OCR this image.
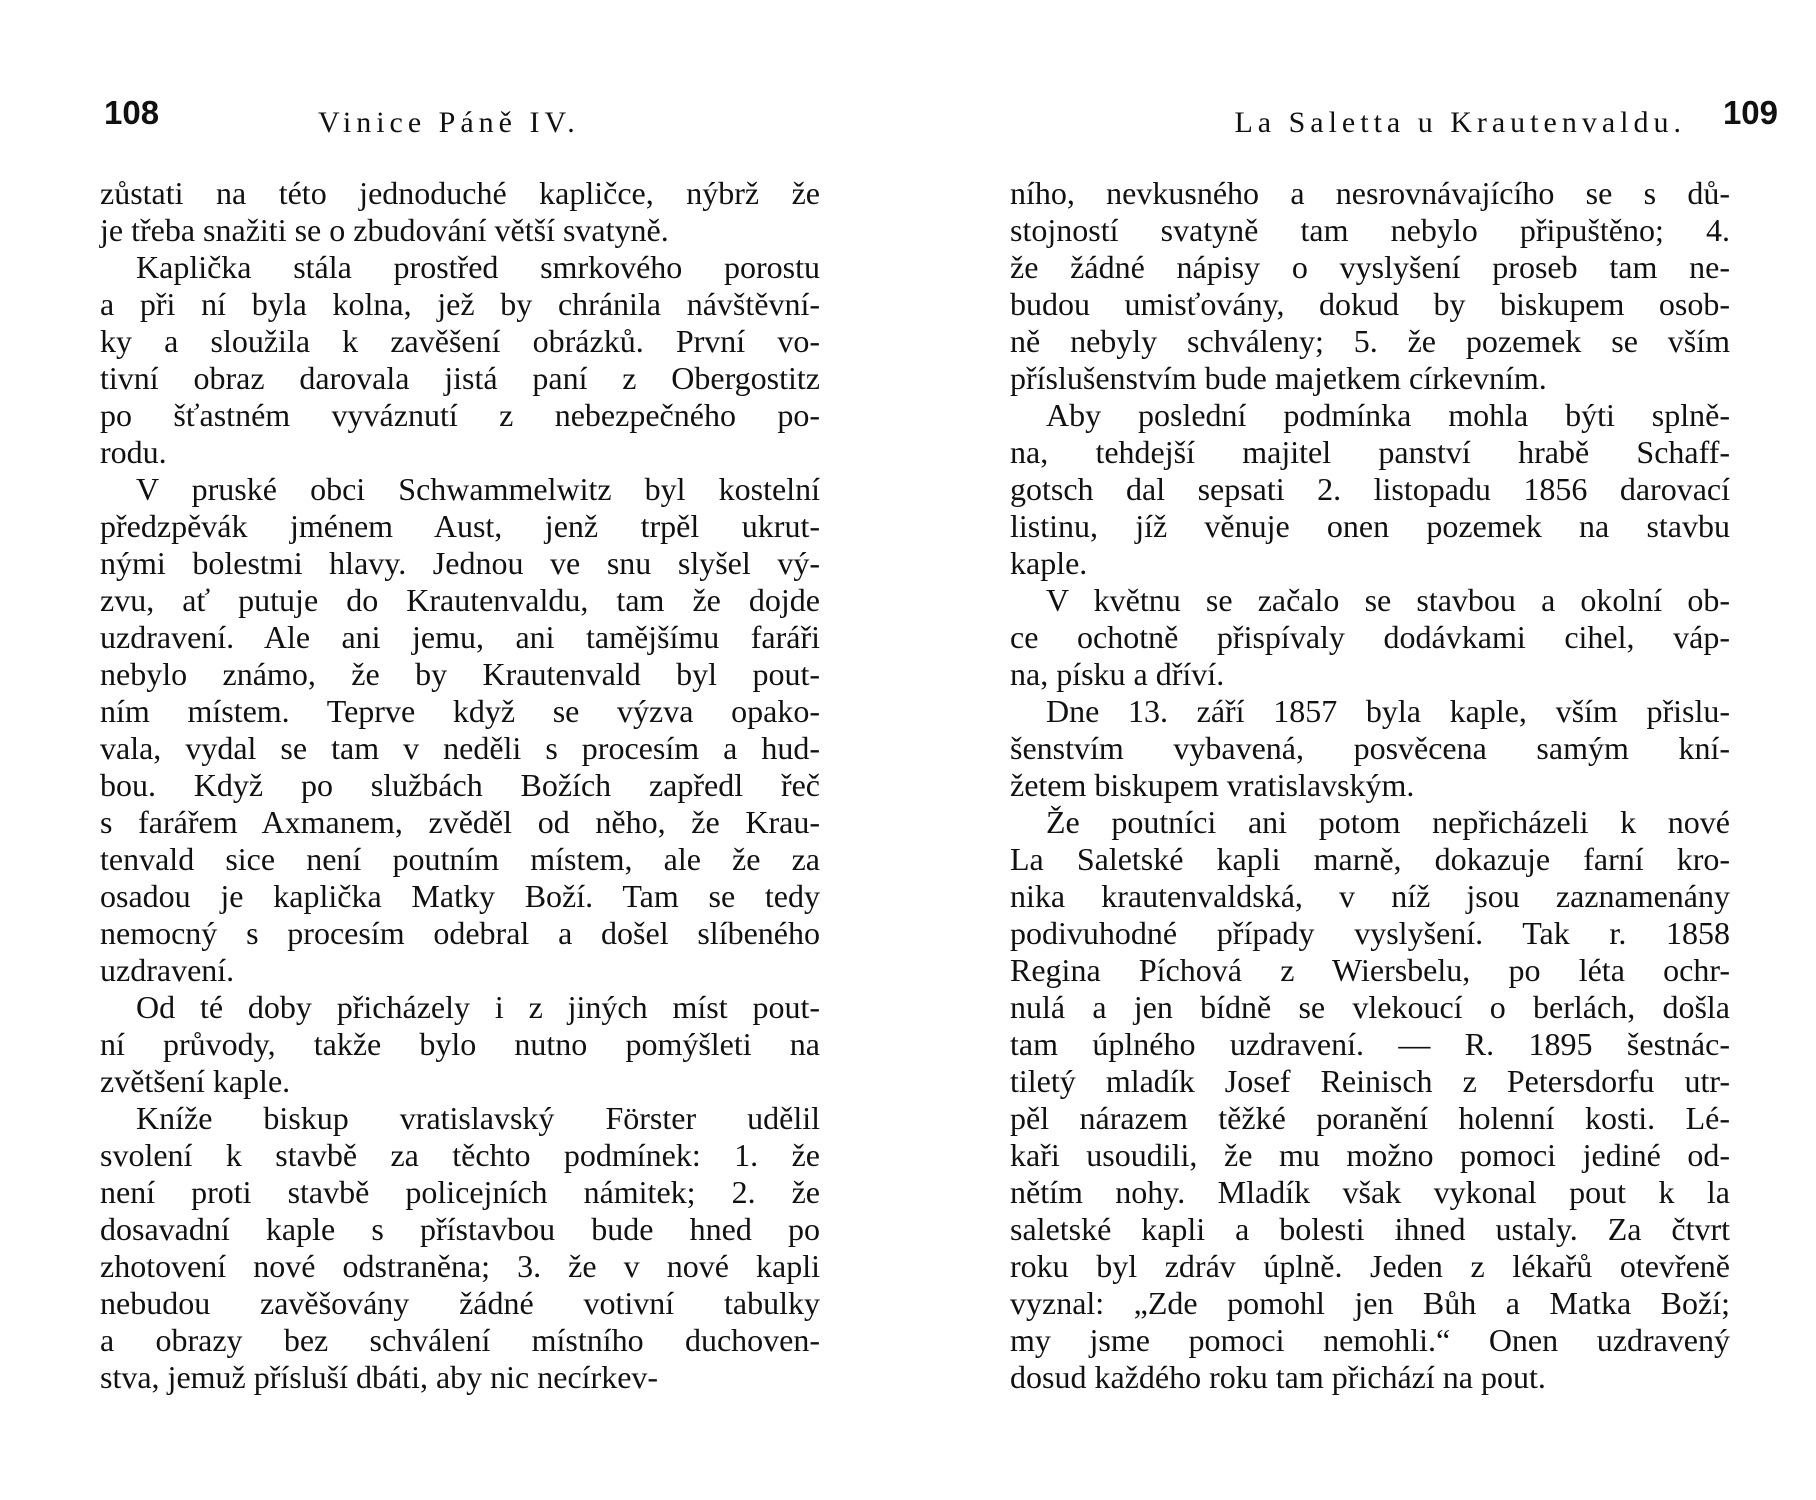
108	Vinice Páně IV.
zůstati na této jednoduché kapličce, nýbrž že
je třeba snažiti se o zbudování větší svatyně.
Kaplička stála prostřed smrkového porostu
a při ní byla kolna, jež by chránila návštěvní-
ky a sloužila k zavěšení obrázků. První vo-
tivní obraz darovala jistá paní z Obergostitz
po šťastném vyváznutí z nebezpečného po-
rodu.
V pruské obci Schwammelwitz byl kostelní
předzpěvák jménem Aust, jenž trpěl ukrut-
nými bolestmi hlavy. Jednou ve snu slyšel vý-
zvu, ať putuje do Krautenvaldu, tam že dojde
uzdravení. Ale ani jemu, ani tamějšímu faráři
nebylo známo, že by Krautenvald byl pout-
ním místem. Teprve když se výzva opako-
vala, vydal se tam v neděli s procesím a hud-
bou. Když po službách Božích zapředl řeč
s farářem Axmanem, zvěděl od něho, že Krau-
tenvald sice není poutním místem, ale že za
osadou je kaplička Matky Boží. Tam se tedy
nemocný s procesím odebral a došel slíbeného
uzdravení.
Od té doby přicházely i z jiných míst pout-
ní průvody, takže bylo nutno pomýšleti na
zvětšení kaple.
Kníže biskup vratislavský Förster udělil
svolení k stavbě za těchto podmínek: 1. že
není proti stavbě policejních námitek; 2. že
dosavadní kaple s přístavbou bude hned po
zhotovení nové odstraněna; 3. že v nové kapli
nebudou zavěšovány žádné votivní tabulky
a obrazy bez schválení místního duchoven-
stva, jemuž přísluší dbáti, aby nic necírkev-
La Saletta u Krautenvaldu. 109
ního, nevkusného a nesrovnávajícího se s dů-
stojností svatyně tam nebylo připuštěno; 4.
že žádné nápisy o vyslyšení proseb tam ne-
budou umisťovány, dokud by biskupem osob-
ně nebyly schváleny; 5. že pozemek se vším
příslušenstvím bude majetkem církevním.
Aby poslední podmínka mohla býti splně-
na, tehdejší majitel panství hrabě Schaff-
gotsch dal sepsati 2. listopadu 1856 darovací
listinu, jíž věnuje onen pozemek na stavbu
kaple.
V květnu se začalo se stavbou a okolní ob-
ce ochotně přispívaly dodávkami cihel, váp-
na, písku a dříví.
Dne 13. září 1857 byla kaple, vším přislu-
šenstvím vybavená, posvěcena samým kní-
žetem biskupem vratislavským.
Že poutníci ani potom nepřicházeli k nové
La Saletské kapli marně, dokazuje farní kro-
nika krautenvaldská, v níž jsou zaznamenány
podivuhodné případy vyslyšení. Tak r. 1858
Regina Píchová z Wiersbelu, po léta ochr-
nulá a jen bídně se vlekoucí o berlách, došla
tam úplného uzdravení. — R. 1895 šestnác-
tiletý mladík Josef Reinisch z Petersdorfu utr-
pěl nárazem těžké poranění holenní kosti. Lé-
kaři usoudili, že mu možno pomoci jediné od-
nětím nohy. Mladík však vykonal pout k la
saletské kapli a bolesti ihned ustaly. Za čtvrt
roku byl zdráv úplně. Jeden z lékařů otevřeně
vyznal: „Zde pomohl jen Bůh a Matka Boží;
my jsme pomoci nemohli.“ Onen uzdravený
dosud každého roku tam přichází na pout.
